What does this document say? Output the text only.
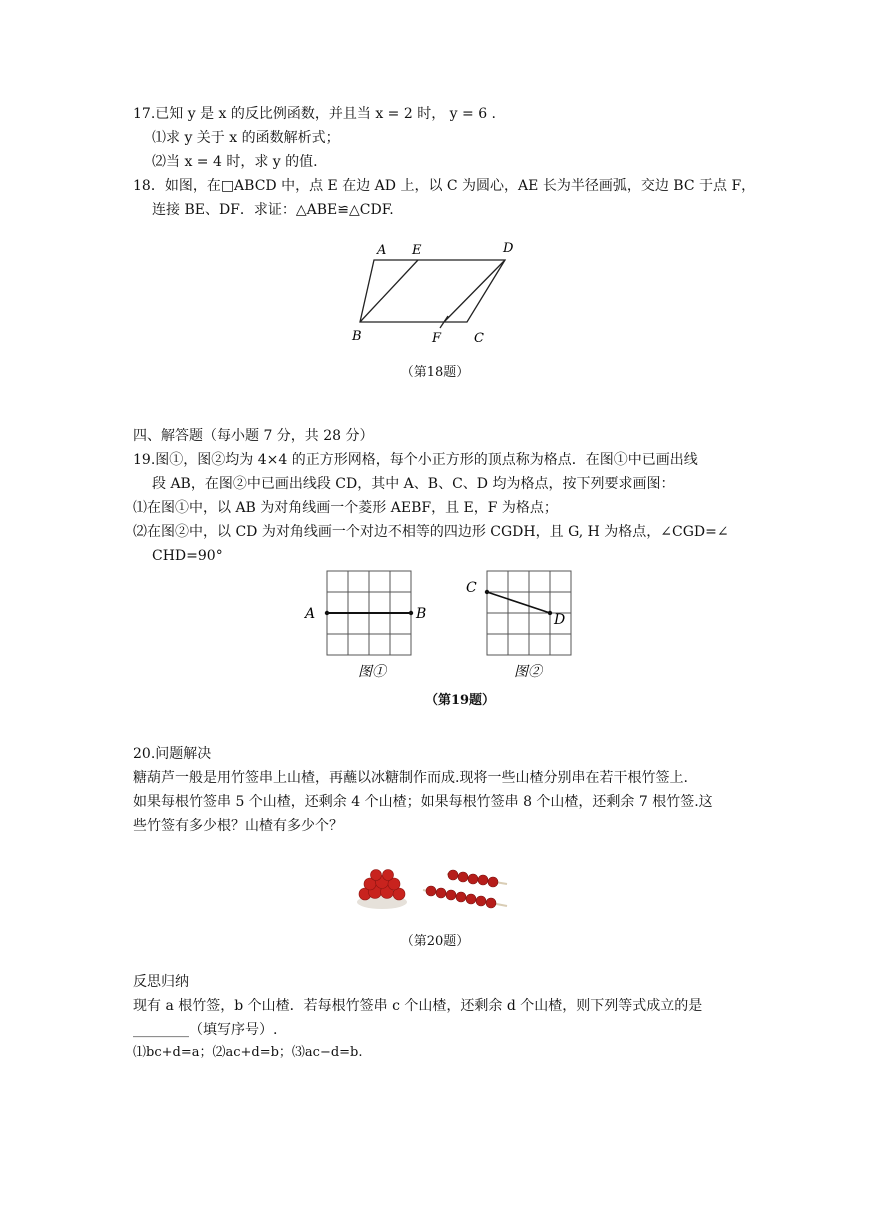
17.已知 y 是 x 的反比例函数，并且当 x = 2 时， y = 6 .
⑴求 y 关于 x 的函数解析式；
⑵当 x = 4 时，求 y 的值.
18．如图，在□ABCD 中，点 E 在边 AD 上，以 C 为圆心，AE 长为半径画弧，交边 BC 于点 F，
连接 BE、DF．求证：△ABE≌△CDF.
A E	D
B	F	C
（第18题）
四、解答题（每小题 7 分，共 28 分）
19.图①，图②均为 4×4 的正方形网格，每个小正方形的顶点称为格点．在图①中已画出线
段 AB，在图②中已画出线段 CD，其中 A、B、C、D 均为格点，按下列要求画图：
⑴在图①中，以 AB 为对角线画一个菱形 AEBF，且 E，F 为格点；
⑵在图②中，以 CD 为对角线画一个对边不相等的四边形 CGDH，且 G, H 为格点，∠CGD=∠
CHD=90°
A	B
图①
C
D
图②
（第19题）
20.问题解决
糖葫芦一般是用竹签串上山楂，再蘸以冰糖制作而成.现将一些山楂分别串在若干根竹签上.
如果每根竹签串 5 个山楂，还剩余 4 个山楂；如果每根竹签串 8 个山楂，还剩余 7 根竹签.这
些竹签有多少根？山楂有多少个？
（第20题）
反思归纳
现有 a 根竹签，b 个山楂．若每根竹签串 c 个山楂，还剩余 d 个山楂，则下列等式成立的是
________（填写序号）.
⑴bc+d=a；⑵ac+d=b；⑶ac−d=b.
